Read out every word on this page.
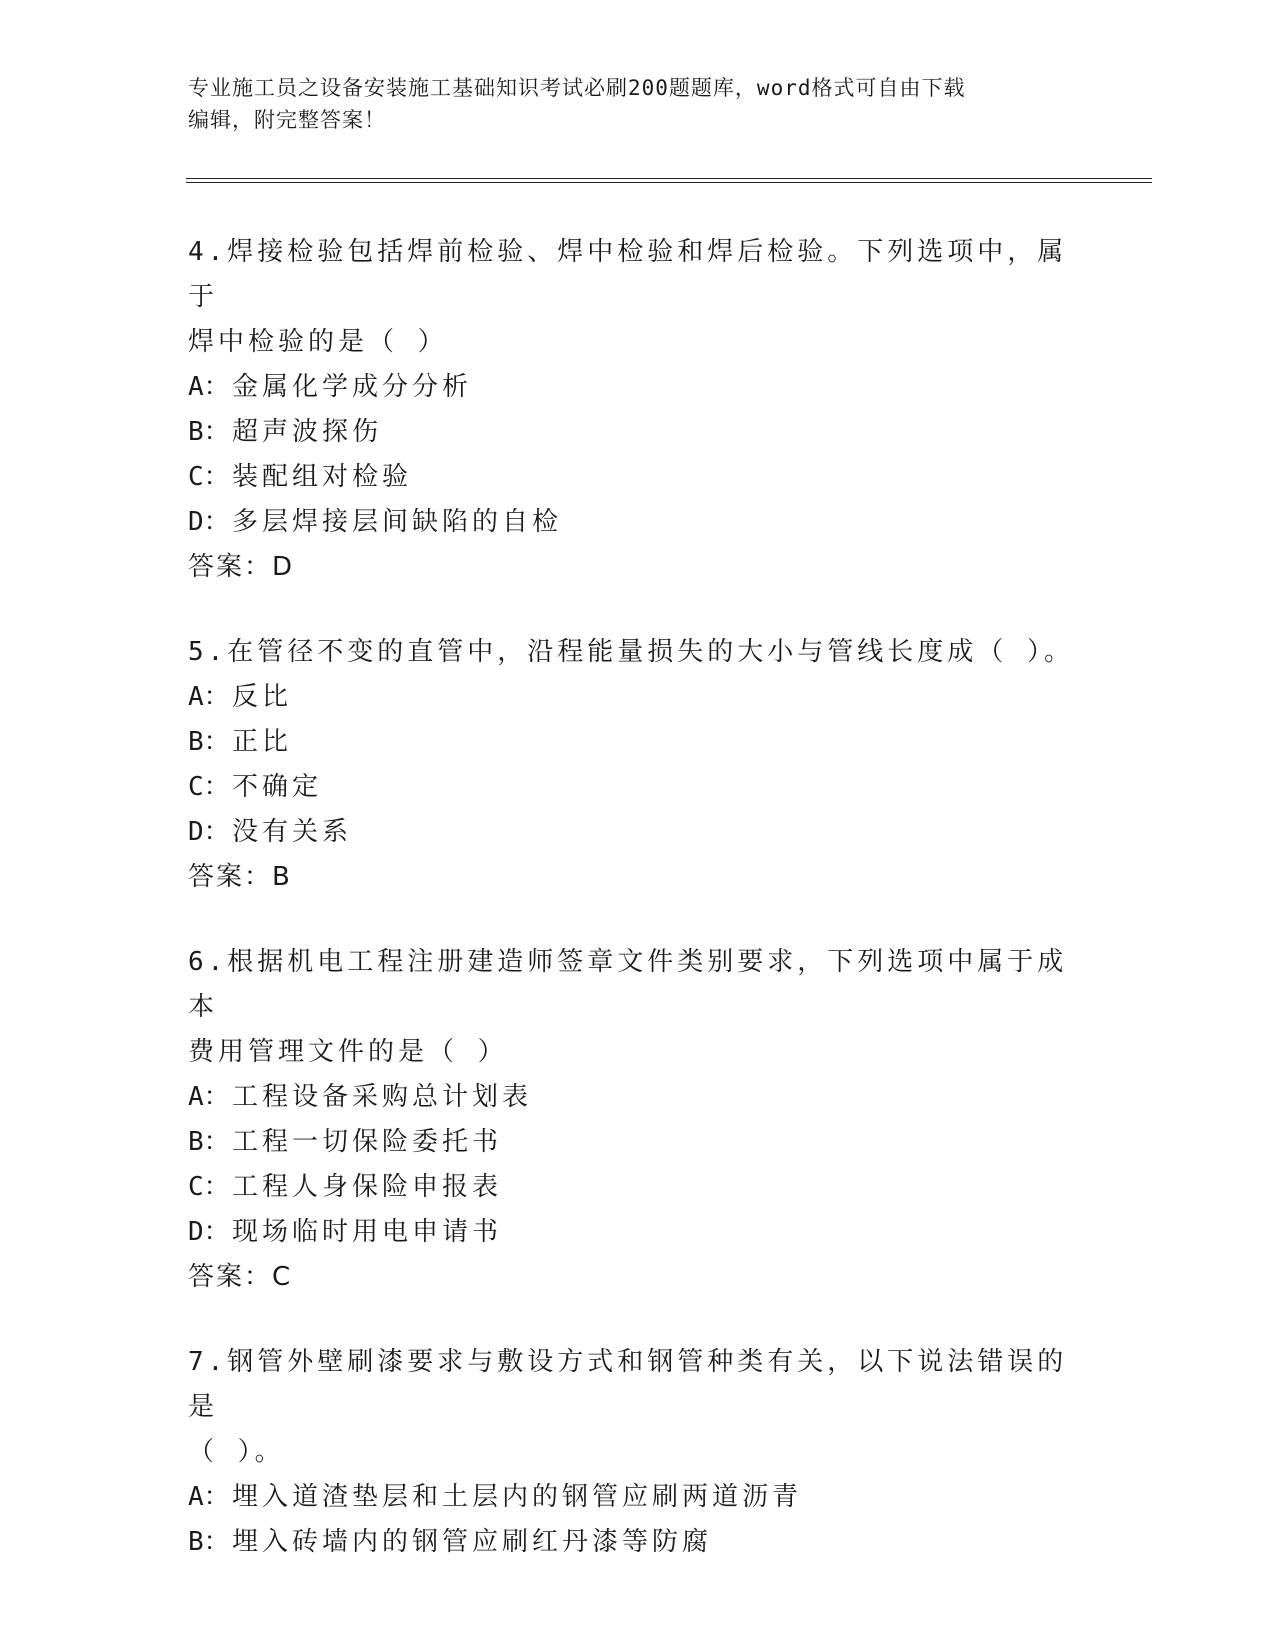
专业施工员之设备安装施工基础知识考试必刷200题题库，word格式可自由下载
编辑，附完整答案！

4.焊接检验包括焊前检验、焊中检验和焊后检验。下列选项中，属于

焊中检验的是（ ）

A：金属化学成分分析

B：超声波探伤

C：装配组对检验

D：多层焊接层间缺陷的自检

答案：D

5.在管径不变的直管中，沿程能量损失的大小与管线长度成（ ）。

A：反比

B：正比

C：不确定

D：没有关系

答案：B

6.根据机电工程注册建造师签章文件类别要求，下列选项中属于成本

费用管理文件的是（ ）

A：工程设备采购总计划表

B：工程一切保险委托书

C：工程人身保险申报表

D：现场临时用电申请书

答案：C

7.钢管外壁刷漆要求与敷设方式和钢管种类有关，以下说法错误的是

（ ）。

A：埋入道渣垫层和土层内的钢管应刷两道沥青

B：埋入砖墙内的钢管应刷红丹漆等防腐
